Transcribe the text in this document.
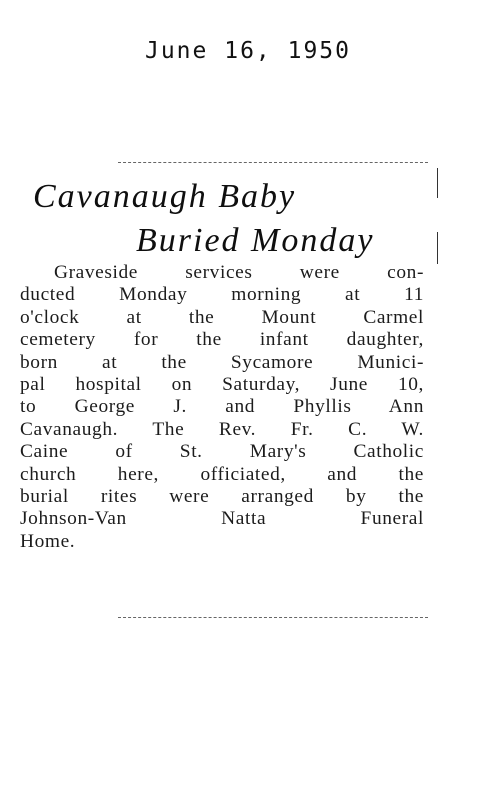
June 16, 1950
Cavanaugh Baby
Buried Monday
Graveside services were con-
ducted Monday morning at 11
o'clock at the Mount Carmel
cemetery for the infant daughter,
born at the Sycamore Munici-
pal hospital on Saturday, June 10,
to George J. and Phyllis Ann
Cavanaugh. The Rev. Fr. C. W.
Caine of St. Mary's Catholic
church here, officiated, and the
burial rites were arranged by the
Johnson-Van Natta Funeral
Home.
